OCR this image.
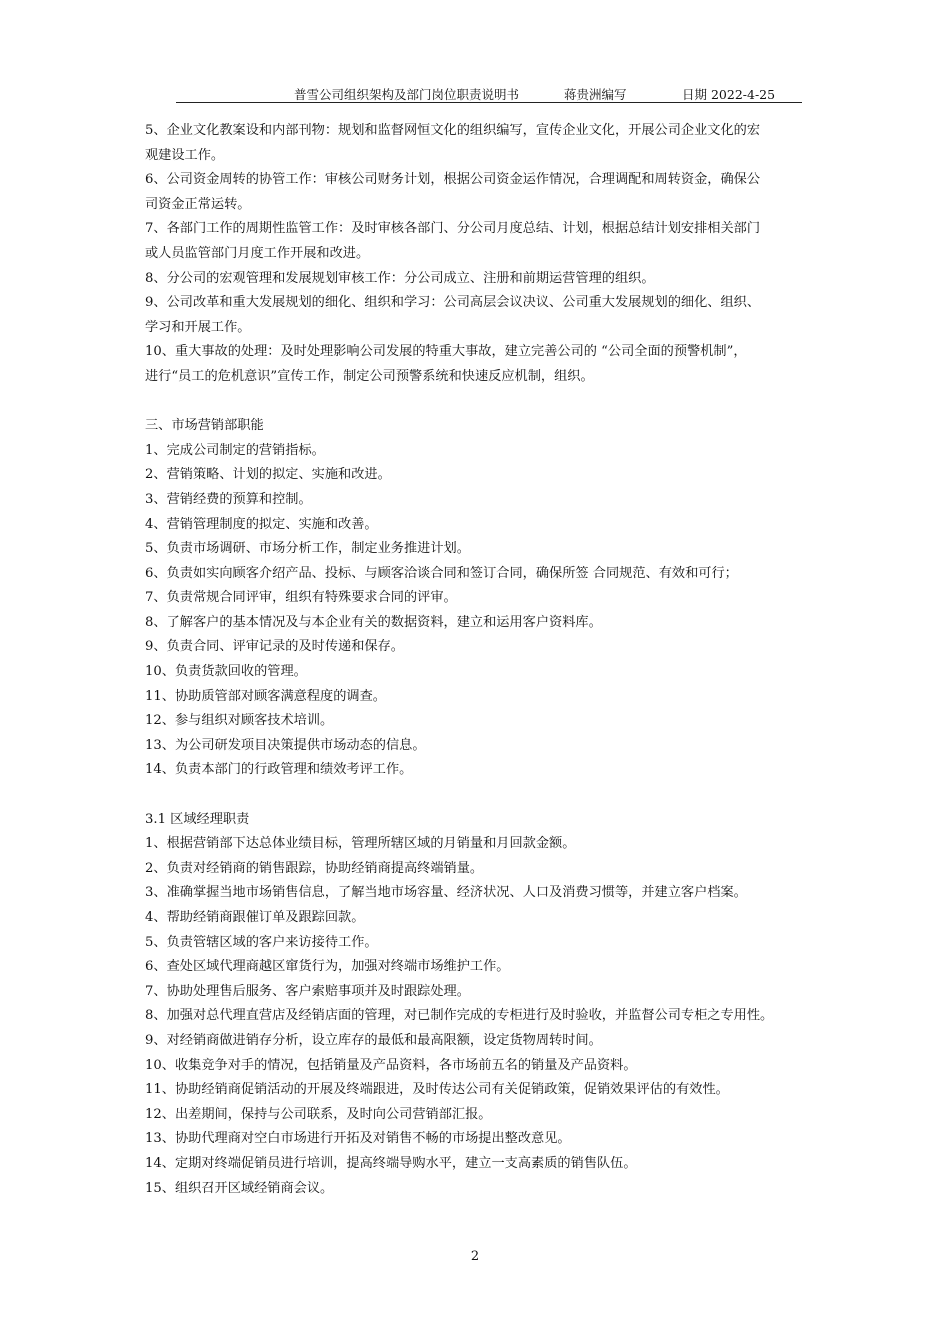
普雪公司组织架构及部门岗位职责说明书	蒋贵洲编写	日期 2022-4-25

5、企业文化教案设和内部刊物：规划和监督网恒文化的组织编写，宣传企业文化，开展公司企业文化的宏

观建设工作。

6、公司资金周转的协管工作：审核公司财务计划，根据公司资金运作情况，合理调配和周转资金，确保公

司资金正常运转。

7、各部门工作的周期性监管工作：及时审核各部门、分公司月度总结、计划，根据总结计划安排相关部门

或人员监管部门月度工作开展和改进。

8、分公司的宏观管理和发展规划审核工作：分公司成立、注册和前期运营管理的组织。

9、公司改革和重大发展规划的细化、组织和学习：公司高层会议决议、公司重大发展规划的细化、组织、

学习和开展工作。

10、重大事故的处理：及时处理影响公司发展的特重大事故，建立完善公司的 “公司全面的预警机制”，

进行“员工的危机意识”宣传工作，制定公司预警系统和快速反应机制，组织。

三、市场营销部职能

1、完成公司制定的营销指标。

2、营销策略、计划的拟定、实施和改进。

3、营销经费的预算和控制。

4、营销管理制度的拟定、实施和改善。

5、负责市场调研、市场分析工作，制定业务推进计划。

6、负责如实向顾客介绍产品、投标、与顾客洽谈合同和签订合同，确保所签 合同规范、有效和可行；

7、负责常规合同评审，组织有特殊要求合同的评审。

8、了解客户的基本情况及与本企业有关的数据资料，建立和运用客户资料库。

9、负责合同、评审记录的及时传递和保存。

10、负责货款回收的管理。

11、协助质管部对顾客满意程度的调查。

12、参与组织对顾客技术培训。

13、为公司研发项目决策提供市场动态的信息。

14、负责本部门的行政管理和绩效考评工作。

3.1 区域经理职责

1、根据营销部下达总体业绩目标，管理所辖区域的月销量和月回款金额。

2、负责对经销商的销售跟踪，协助经销商提高终端销量。

3、准确掌握当地市场销售信息，了解当地市场容量、经济状况、人口及消费习惯等，并建立客户档案。

4、帮助经销商跟催订单及跟踪回款。

5、负责管辖区域的客户来访接待工作。

6、查处区域代理商越区窜货行为，加强对终端市场维护工作。

7、协助处理售后服务、客户索赔事项并及时跟踪处理。

8、加强对总代理直营店及经销店面的管理，对已制作完成的专柜进行及时验收，并监督公司专柜之专用性。

9、对经销商做进销存分析，设立库存的最低和最高限额，设定货物周转时间。

10、收集竞争对手的情况，包括销量及产品资料，各市场前五名的销量及产品资料。

11、协助经销商促销活动的开展及终端跟进，及时传达公司有关促销政策，促销效果评估的有效性。

12、出差期间，保持与公司联系，及时向公司营销部汇报。

13、协助代理商对空白市场进行开拓及对销售不畅的市场提出整改意见。

14、定期对终端促销员进行培训，提高终端导购水平，建立一支高素质的销售队伍。

15、组织召开区域经销商会议。

2
